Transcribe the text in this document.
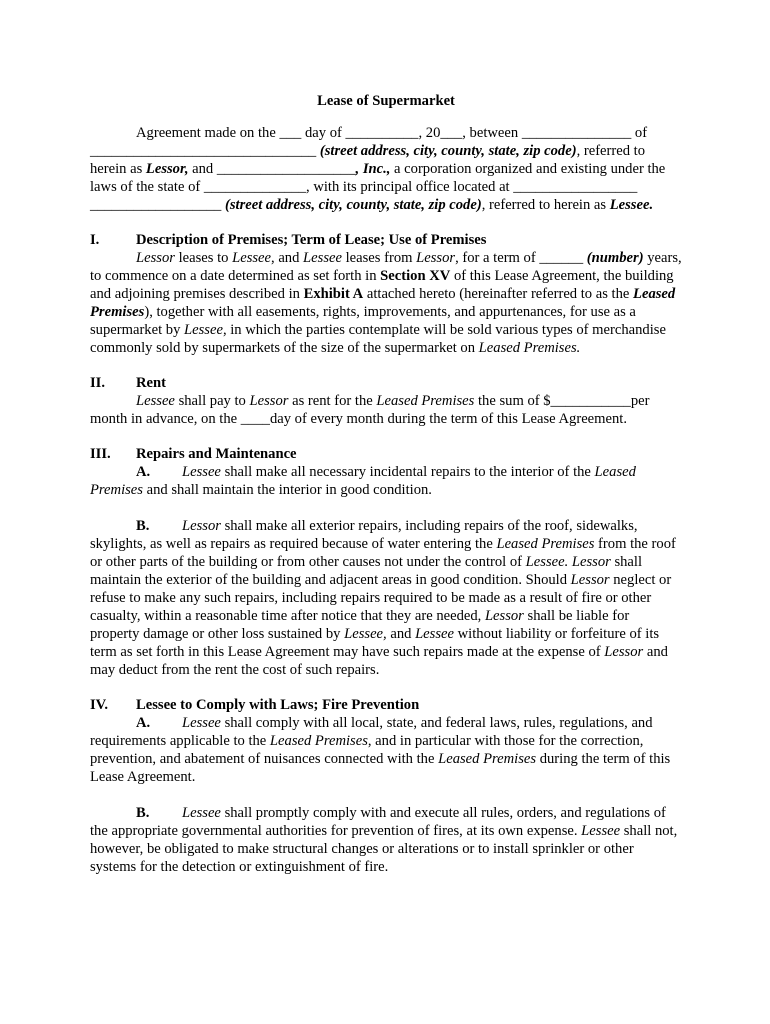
Lease of Supermarket

Agreement made on the ___ day of __________, 20___, between _______________ of _______________________________ (street address, city, county, state, zip code), referred to herein as Lessor, and ___________________, Inc., a corporation organized and existing under the laws of the state of ______________, with its principal office located at _________________ __________________ (street address, city, county, state, zip code), referred to herein as Lessee.

I.	Description of Premises; Term of Lease; Use of Premises

Lessor leases to Lessee, and Lessee leases from Lessor, for a term of ______ (number) years, to commence on a date determined as set forth in Section XV of this Lease Agreement, the building and adjoining premises described in Exhibit A attached hereto (hereinafter referred to as the Leased Premises), together with all easements, rights, improvements, and appurtenances, for use as a supermarket by Lessee, in which the parties contemplate will be sold various types of merchandise commonly sold by supermarkets of the size of the supermarket on Leased Premises.

II.	Rent

Lessee shall pay to Lessor as rent for the Leased Premises the sum of $___________per month in advance, on the ____day of every month during the term of this Lease Agreement.

III.	Repairs and Maintenance

A. Lessee shall make all necessary incidental repairs to the interior of the Leased Premises and shall maintain the interior in good condition.

B. Lessor shall make all exterior repairs, including repairs of the roof, sidewalks, skylights, as well as repairs as required because of water entering the Leased Premises from the roof or other parts of the building or from other causes not under the control of Lessee. Lessor shall maintain the exterior of the building and adjacent areas in good condition. Should Lessor neglect or refuse to make any such repairs, including repairs required to be made as a result of fire or other casualty, within a reasonable time after notice that they are needed, Lessor shall be liable for property damage or other loss sustained by Lessee, and Lessee without liability or forfeiture of its term as set forth in this Lease Agreement may have such repairs made at the expense of Lessor and may deduct from the rent the cost of such repairs.

IV.	Lessee to Comply with Laws; Fire Prevention

A. Lessee shall comply with all local, state, and federal laws, rules, regulations, and requirements applicable to the Leased Premises, and in particular with those for the correction, prevention, and abatement of nuisances connected with the Leased Premises during the term of this Lease Agreement.

B. Lessee shall promptly comply with and execute all rules, orders, and regulations of the appropriate governmental authorities for prevention of fires, at its own expense. Lessee shall not, however, be obligated to make structural changes or alterations or to install sprinkler or other systems for the detection or extinguishment of fire.
